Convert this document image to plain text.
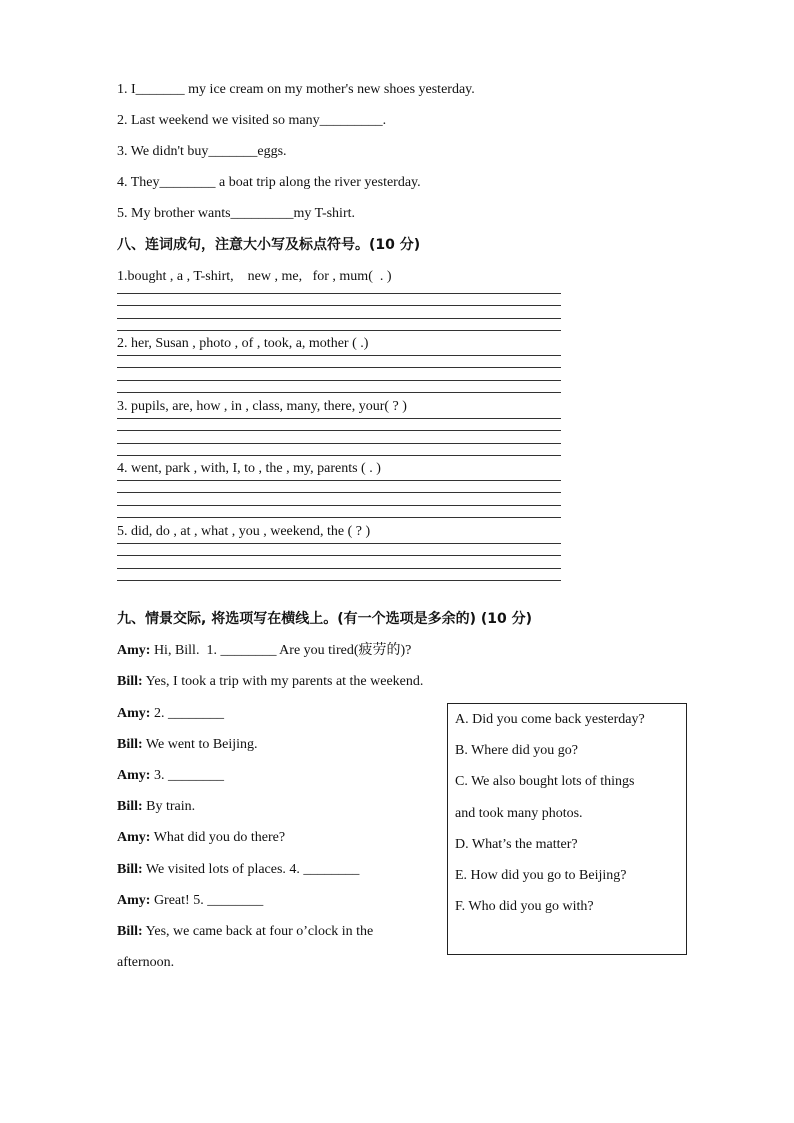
1. I_______ my ice cream on my mother's new shoes yesterday.
2. Last weekend we visited so many_________.
3. We didn't buy_______eggs.
4. They________ a boat trip along the river yesterday.
5. My brother wants_________my T-shirt.
八、连词成句，注意大小写及标点符号。(10 分)
1.bought , a , T-shirt,    new , me,   for , mum(  . )
2. her, Susan , photo , of , took, a, mother ( .)
3. pupils, are, how , in , class, many, there, your( ? )
4. went, park , with, I, to , the , my, parents ( . )
5. did, do , at , what , you , weekend, the ( ? )
九、情景交际, 将选项写在横线上。(有一个选项是多余的) (10 分)
Amy: Hi, Bill.  1. ________ Are you tired(疲劳的)?
Bill: Yes, I took a trip with my parents at the weekend.
Amy: 2. ________
Bill: We went to Beijing.
Amy: 3. ________
Bill: By train.
Amy: What did you do there?
Bill: We visited lots of places. 4. ________
Amy: Great! 5. ________
Bill: Yes, we came back at four o’clock in the
afternoon.
A. Did you come back yesterday?
B. Where did you go?
C. We also bought lots of things
and took many photos.
D. What’s the matter?
E. How did you go to Beijing?
F. Who did you go with?
